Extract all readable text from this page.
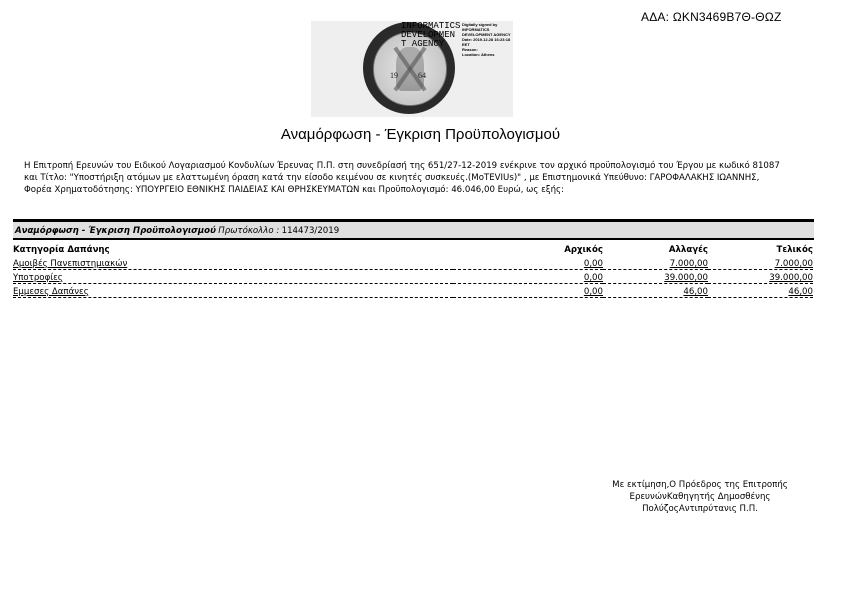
ΑΔΑ: ΩΚΝ3469Β7Θ-ΘΩΖ
19	64
INFORMATICS
DEVELOPMEN
T AGENCY
Digitally signed by
INFORMATICS
DEVELOPMENT AGENCY
Date: 2019.12.28 16:23:18
EET
Reason:
Location: Athens
Αναμόρφωση - Έγκριση Προϋπολογισμού
Η Επιτροπή Ερευνών του Ειδικού Λογαριασμού Κονδυλίων Έρευνας Π.Π. στη συνεδρίασή της 651/27-12-2019 ενέκρινε τον αρχικό προϋπολογισμό του Έργου με κωδικό 81087
και Τίτλο: "Υποστήριξη ατόμων με ελαττωμένη όραση κατά την είσοδο κειμένου σε κινητές συσκευές.(MoTEVIUs)" , με Επιστημονικά Υπεύθυνο: ΓΑΡΟΦΑΛΑΚΗΣ ΙΩΑΝΝΗΣ,
Φορέα Χρηματοδότησης: ΥΠΟΥΡΓΕΙΟ ΕΘΝΙΚΗΣ ΠΑΙΔΕΙΑΣ ΚΑΙ ΘΡΗΣΚΕΥΜΑΤΩΝ και Προϋπολογισμό: 46.046,00 Ευρώ, ως εξής:
Αναμόρφωση - Έγκριση Προϋπολογισμού Πρωτόκολλο : 114473/2019
Κατηγορία Δαπάνης	Αρχικός	Αλλαγές	Τελικός
Αμοιβές Πανεπιστημιακών	0,00	7.000,00	7.000,00
Υποτροφίες	0,00	39.000,00	39.000,00
Εμμεσες Δαπάνες	0,00	46,00	46,00
Με εκτίμηση,Ο Πρόεδρος της Επιτροπής
ΕρευνώνΚαθηγητής Δημοσθένης
ΠολύζοςΑντιπρύτανις Π.Π.
